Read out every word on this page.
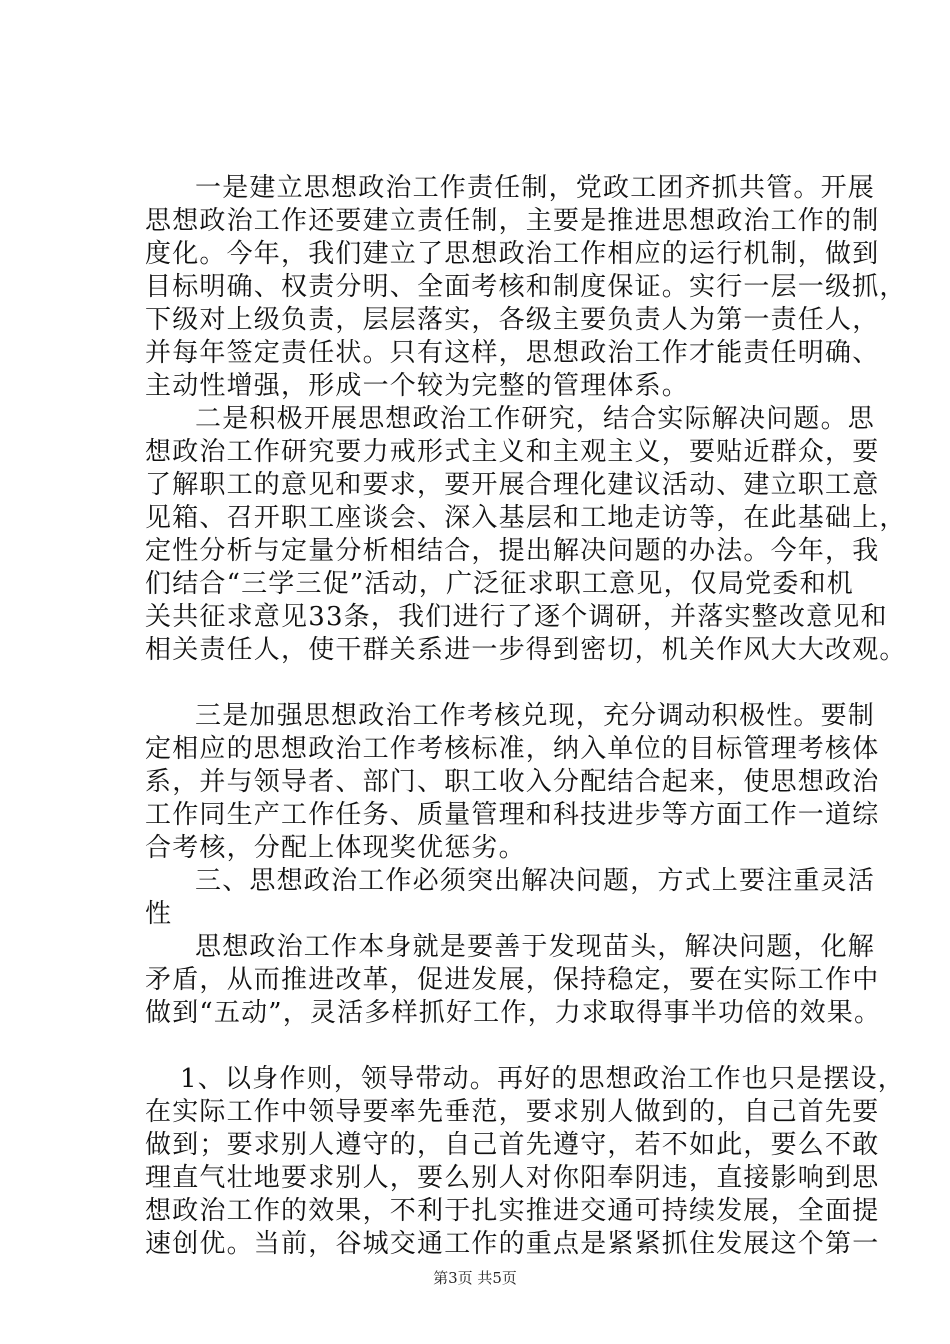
一是建立思想政治工作责任制，党政工团齐抓共管。开展
思想政治工作还要建立责任制，主要是推进思想政治工作的制
度化。今年，我们建立了思想政治工作相应的运行机制，做到
目标明确、权责分明、全面考核和制度保证。实行一层一级抓，
下级对上级负责，层层落实，各级主要负责人为第一责任人，
并每年签定责任状。只有这样，思想政治工作才能责任明确、
主动性增强，形成一个较为完整的管理体系。
二是积极开展思想政治工作研究，结合实际解决问题。思
想政治工作研究要力戒形式主义和主观主义，要贴近群众，要
了解职工的意见和要求，要开展合理化建议活动、建立职工意
见箱、召开职工座谈会、深入基层和工地走访等，在此基础上，
定性分析与定量分析相结合，提出解决问题的办法。今年，我
们结合“三学三促”活动，广泛征求职工意见，仅局党委和机
关共征求意见33条，我们进行了逐个调研，并落实整改意见和
相关责任人，使干群关系进一步得到密切，机关作风大大改观。
三是加强思想政治工作考核兑现，充分调动积极性。要制
定相应的思想政治工作考核标准，纳入单位的目标管理考核体
系，并与领导者、部门、职工收入分配结合起来，使思想政治
工作同生产工作任务、质量管理和科技进步等方面工作一道综
合考核，分配上体现奖优惩劣。
三、思想政治工作必须突出解决问题，方式上要注重灵活
性
思想政治工作本身就是要善于发现苗头，解决问题，化解
矛盾，从而推进改革，促进发展，保持稳定，要在实际工作中
做到“五动”，灵活多样抓好工作，力求取得事半功倍的效果。
1、以身作则，领导带动。再好的思想政治工作也只是摆设，
在实际工作中领导要率先垂范，要求别人做到的，自己首先要
做到；要求别人遵守的，自己首先遵守，若不如此，要么不敢
理直气壮地要求别人，要么别人对你阳奉阴违，直接影响到思
想政治工作的效果，不利于扎实推进交通可持续发展，全面提
速创优。当前，谷城交通工作的重点是紧紧抓住发展这个第一
第3页 共5页
